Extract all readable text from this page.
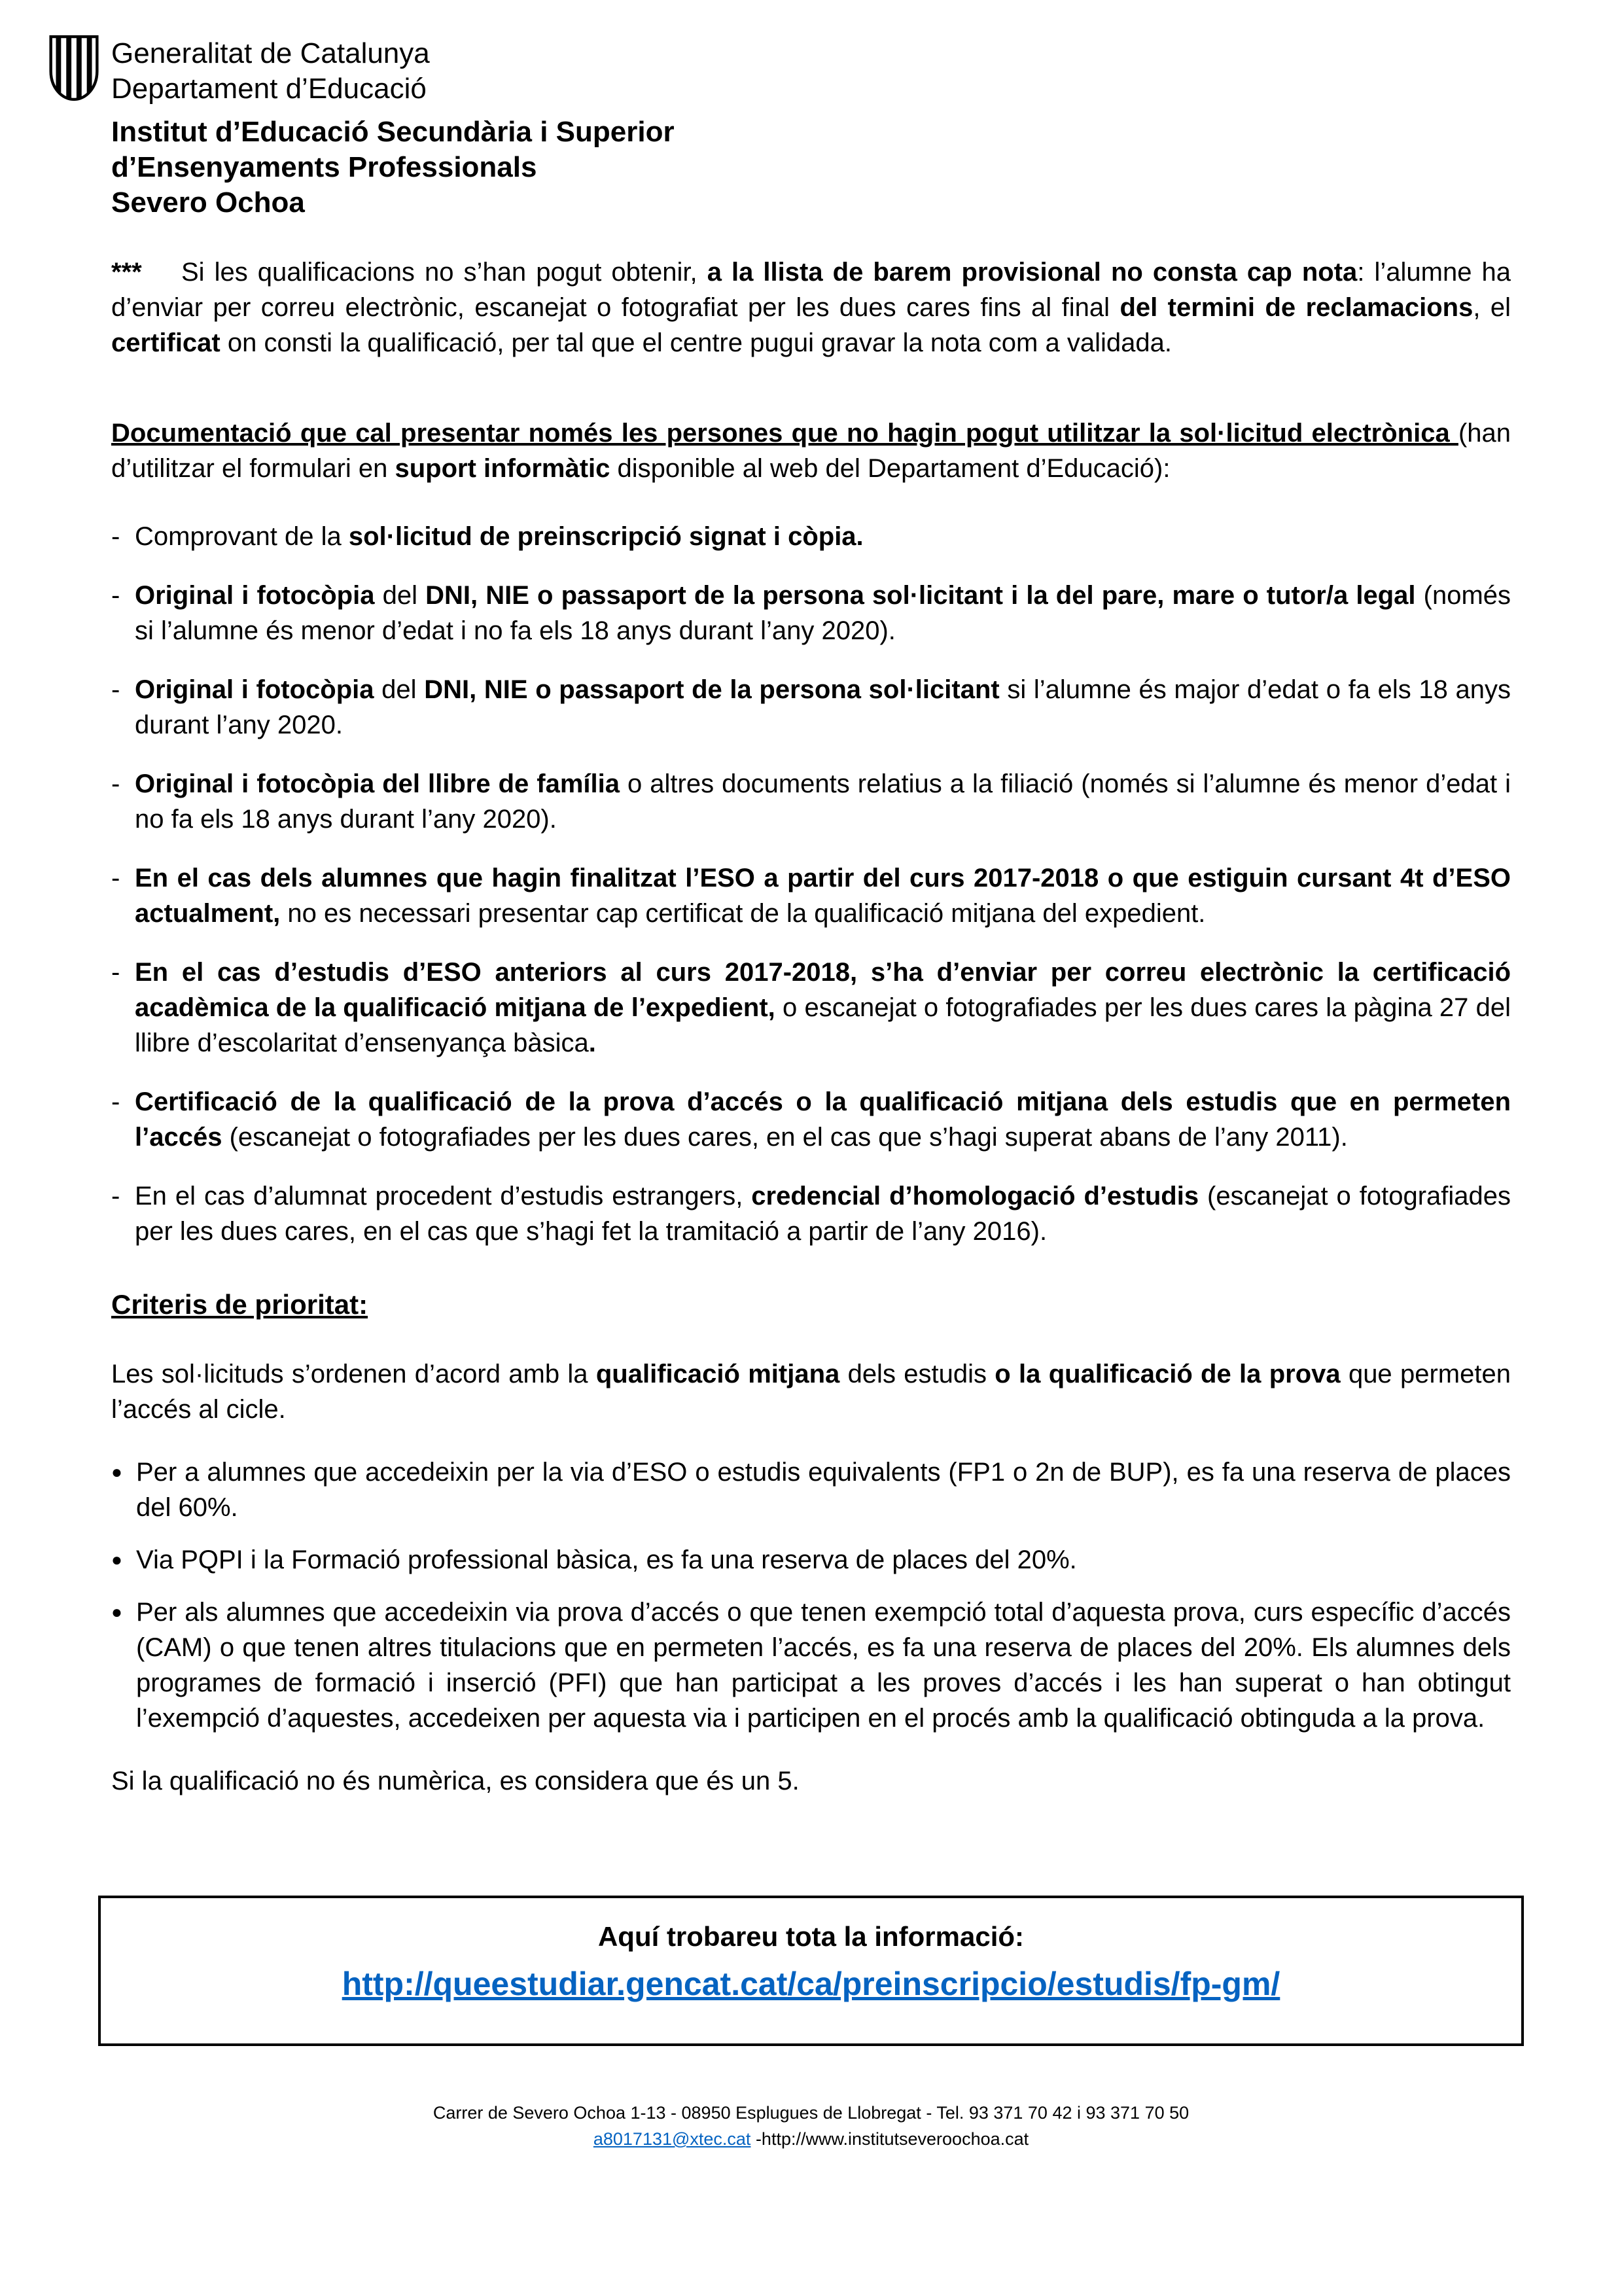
Generalitat de Catalunya
Departament d’Educació
Institut d’Educació Secundària i Superior
d’Ensenyaments Professionals
Severo Ochoa

***    Si les qualificacions no s’han pogut obtenir, a la llista de barem provisional no consta cap nota: l’alumne ha d’enviar per correu electrònic, escanejat o fotografiat per les dues cares fins al final del termini de reclamacions, el certificat on consti la qualificació, per tal que el centre pugui gravar la nota com a validada.

Documentació que cal presentar només les persones que no hagin pogut utilitzar la sol·licitud electrònica (han d’utilitzar el formulari en suport informàtic disponible al web del Departament d’Educació):

- Comprovant de la sol·licitud de preinscripció signat i còpia.
- Original i fotocòpia del DNI, NIE o passaport de la persona sol·licitant i la del pare, mare o tutor/a legal (només si l’alumne és menor d’edat i no fa els 18 anys durant l’any 2020).
- Original i fotocòpia del DNI, NIE o passaport de la persona sol·licitant si l’alumne és major d’edat o fa els 18 anys durant l’any 2020.
- Original i fotocòpia del llibre de família o altres documents relatius a la filiació (només si l’alumne és menor d’edat i no fa els 18 anys durant l’any 2020).
- En el cas dels alumnes que hagin finalitzat l’ESO a partir del curs 2017-2018 o que estiguin cursant 4t d’ESO actualment, no es necessari presentar cap certificat de la qualificació mitjana del expedient.
- En el cas d’estudis d’ESO anteriors al curs 2017-2018, s’ha d’enviar per correu electrònic la certificació acadèmica de la qualificació mitjana de l’expedient, o escanejat o fotografiades per les dues cares la pàgina 27 del llibre d’escolaritat d’ensenyança bàsica.
- Certificació de la qualificació de la prova d’accés o la qualificació mitjana dels estudis que en permeten l’accés (escanejat o fotografiades per les dues cares, en el cas que s’hagi superat abans de l’any 2011).
- En el cas d’alumnat procedent d’estudis estrangers, credencial d’homologació d’estudis (escanejat o fotografiades per les dues cares, en el cas que s’hagi fet la tramitació a partir de l’any 2016).

Criteris de prioritat:

Les sol·licituds s’ordenen d’acord amb la qualificació mitjana dels estudis o la qualificació de la prova que permeten l’accés al cicle.

● Per a alumnes que accedeixin per la via d’ESO o estudis equivalents (FP1 o 2n de BUP), es fa una reserva de places del 60%.
● Via PQPI i la Formació professional bàsica, es fa una reserva de places del 20%.
● Per als alumnes que accedeixin via prova d’accés o que tenen exempció total d’aquesta prova, curs específic d’accés (CAM) o que tenen altres titulacions que en permeten l’accés, es fa una reserva de places del 20%. Els alumnes dels programes de formació i inserció (PFI) que han participat a les proves d’accés i les han superat o han obtingut l’exempció d’aquestes, accedeixen per aquesta via i participen en el procés amb la qualificació obtinguda a la prova.

Si la qualificació no és numèrica, es considera que és un 5.

Aquí trobareu tota la informació:
http://queestudiar.gencat.cat/ca/preinscripcio/estudis/fp-gm/
Carrer de Severo Ochoa 1-13 - 08950 Esplugues de Llobregat - Tel. 93 371 70 42 i 93 371 70 50
a8017131@xtec.cat -http://www.institutseveroochoa.cat
